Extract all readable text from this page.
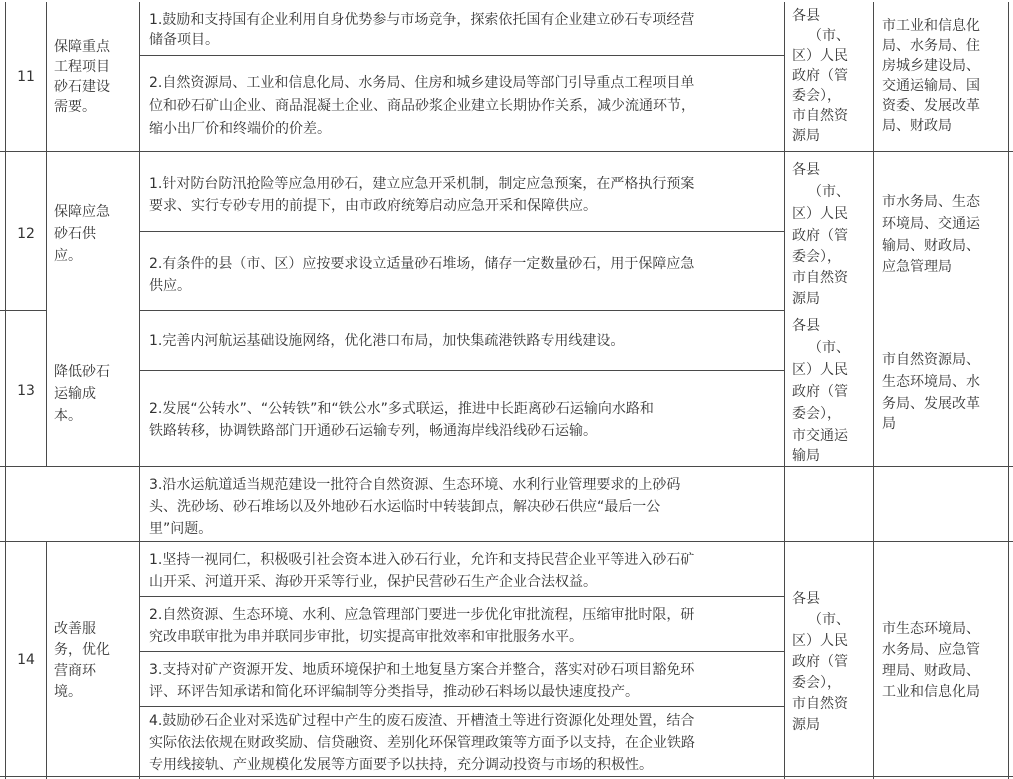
11
保障重点
工程项目
砂石建设
需要。
1.鼓励和支持国有企业利用自身优势参与市场竞争，探索依托国有企业建立砂石专项经营
储备项目。
2.自然资源局、工业和信息化局、水务局、住房和城乡建设局等部门引导重点工程项目单
位和砂石矿山企业、商品混凝土企业、商品砂浆企业建立长期协作关系，减少流通环节，
缩小出厂价和终端价的价差。
各县
（市、
区）人民
政府（管
委会），
市自然资
源局
市工业和信息化
局、水务局、住
房城乡建设局、
交通运输局、国
资委、发展改革
局、财政局
12
保障应急
砂石供
应。
1.针对防台防汛抢险等应急用砂石，建立应急开采机制，制定应急预案，在严格执行预案
要求、实行专砂专用的前提下，由市政府统筹启动应急开采和保障供应。
2.有条件的县（市、区）应按要求设立适量砂石堆场，储存一定数量砂石，用于保障应急
供应。
各县
（市、
区）人民
政府（管
委会），
市自然资
源局
市水务局、生态
环境局、交通运
输局、财政局、
应急管理局
13
降低砂石
运输成
本。
1.完善内河航运基础设施网络，优化港口布局，加快集疏港铁路专用线建设。
2.发展“公转水”、“公转铁”和“铁公水”多式联运，推进中长距离砂石运输向水路和
铁路转移，协调铁路部门开通砂石运输专列，畅通海岸线沿线砂石运输。
3.沿水运航道适当规范建设一批符合自然资源、生态环境、水利行业管理要求的上砂码
头、洗砂场、砂石堆场以及外地砂石水运临时中转装卸点，解决砂石供应“最后一公
里”问题。
各县
（市、
区）人民
政府（管
委会），
市交通运
输局
市自然资源局、
生态环境局、水
务局、发展改革
局
14
改善服
务，优化
营商环
境。
1.坚持一视同仁，积极吸引社会资本进入砂石行业，允许和支持民营企业平等进入砂石矿
山开采、河道开采、海砂开采等行业，保护民营砂石生产企业合法权益。
2.自然资源、生态环境、水利、应急管理部门要进一步优化审批流程，压缩审批时限，研
究改串联审批为串并联同步审批，切实提高审批效率和审批服务水平。
3.支持对矿产资源开发、地质环境保护和土地复垦方案合并整合，落实对砂石项目豁免环
评、环评告知承诺和简化环评编制等分类指导，推动砂石料场以最快速度投产。
4.鼓励砂石企业对采选矿过程中产生的废石废渣、开槽渣土等进行资源化处理处置，结合
实际依法依规在财政奖励、信贷融资、差别化环保管理政策等方面予以支持，在企业铁路
专用线接轨、产业规模化发展等方面要予以扶持，充分调动投资与市场的积极性。
各县
（市、
区）人民
政府（管
委会），
市自然资
源局
市生态环境局、
水务局、应急管
理局、财政局、
工业和信息化局
